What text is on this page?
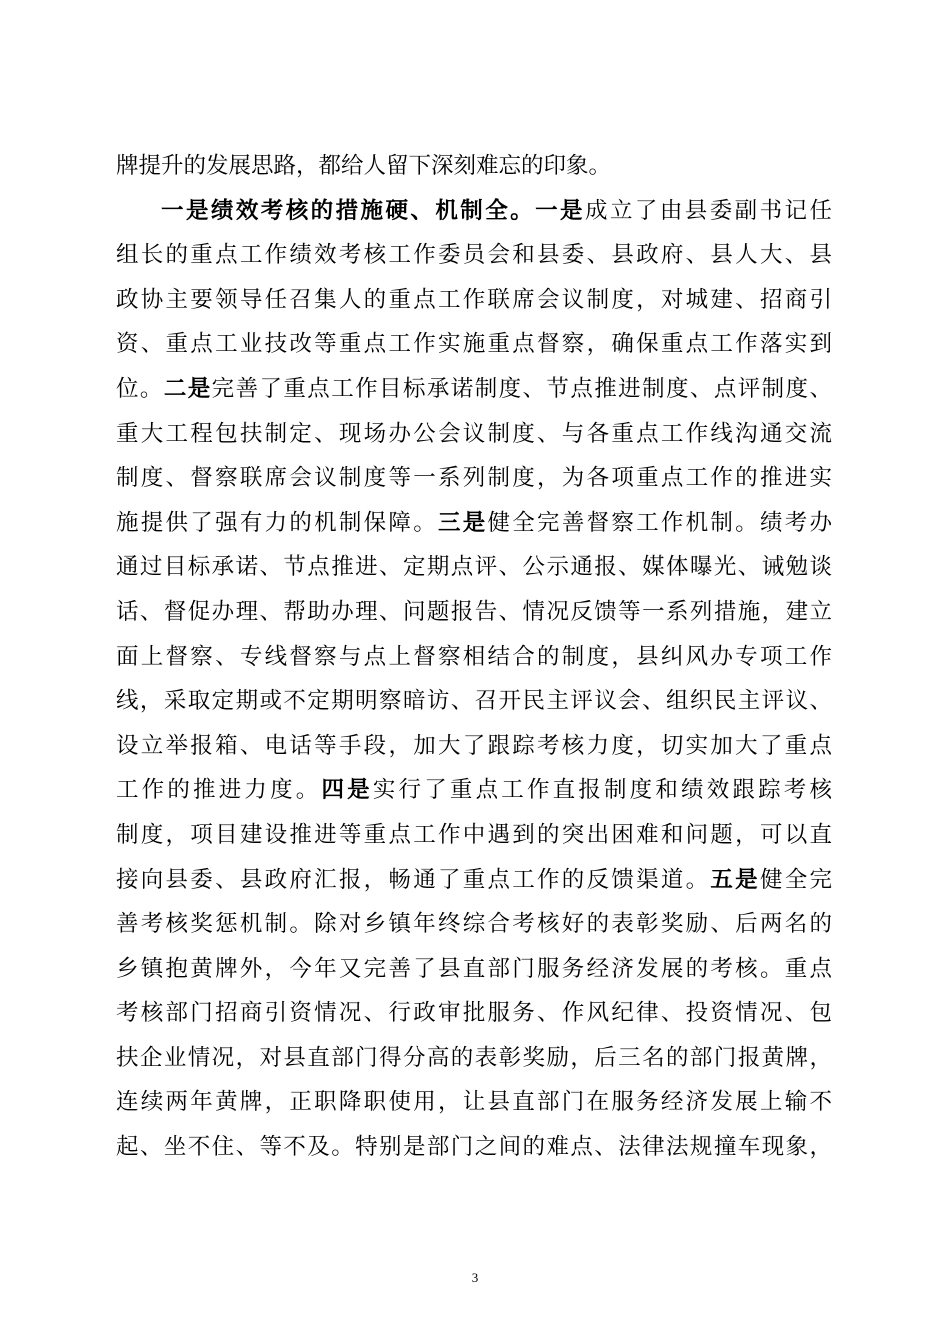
牌提升的发展思路，都给人留下深刻难忘的印象。
一是绩效考核的措施硬、机制全。一是成立了由县委副书记任
组长的重点工作绩效考核工作委员会和县委、县政府、县人大、县
政协主要领导任召集人的重点工作联席会议制度，对城建、招商引
资、重点工业技改等重点工作实施重点督察，确保重点工作落实到
位。二是完善了重点工作目标承诺制度、节点推进制度、点评制度、
重大工程包扶制定、现场办公会议制度、与各重点工作线沟通交流
制度、督察联席会议制度等一系列制度，为各项重点工作的推进实
施提供了强有力的机制保障。三是健全完善督察工作机制。绩考办
通过目标承诺、节点推进、定期点评、公示通报、媒体曝光、诫勉谈
话、督促办理、帮助办理、问题报告、情况反馈等一系列措施，建立
面上督察、专线督察与点上督察相结合的制度，县纠风办专项工作
线，采取定期或不定期明察暗访、召开民主评议会、组织民主评议、
设立举报箱、电话等手段，加大了跟踪考核力度，切实加大了重点
工作的推进力度。四是实行了重点工作直报制度和绩效跟踪考核
制度，项目建设推进等重点工作中遇到的突出困难和问题，可以直
接向县委、县政府汇报，畅通了重点工作的反馈渠道。五是健全完
善考核奖惩机制。除对乡镇年终综合考核好的表彰奖励、后两名的
乡镇抱黄牌外，今年又完善了县直部门服务经济发展的考核。重点
考核部门招商引资情况、行政审批服务、作风纪律、投资情况、包
扶企业情况，对县直部门得分高的表彰奖励，后三名的部门报黄牌，
连续两年黄牌，正职降职使用，让县直部门在服务经济发展上输不
起、坐不住、等不及。特别是部门之间的难点、法律法规撞车现象，
3
